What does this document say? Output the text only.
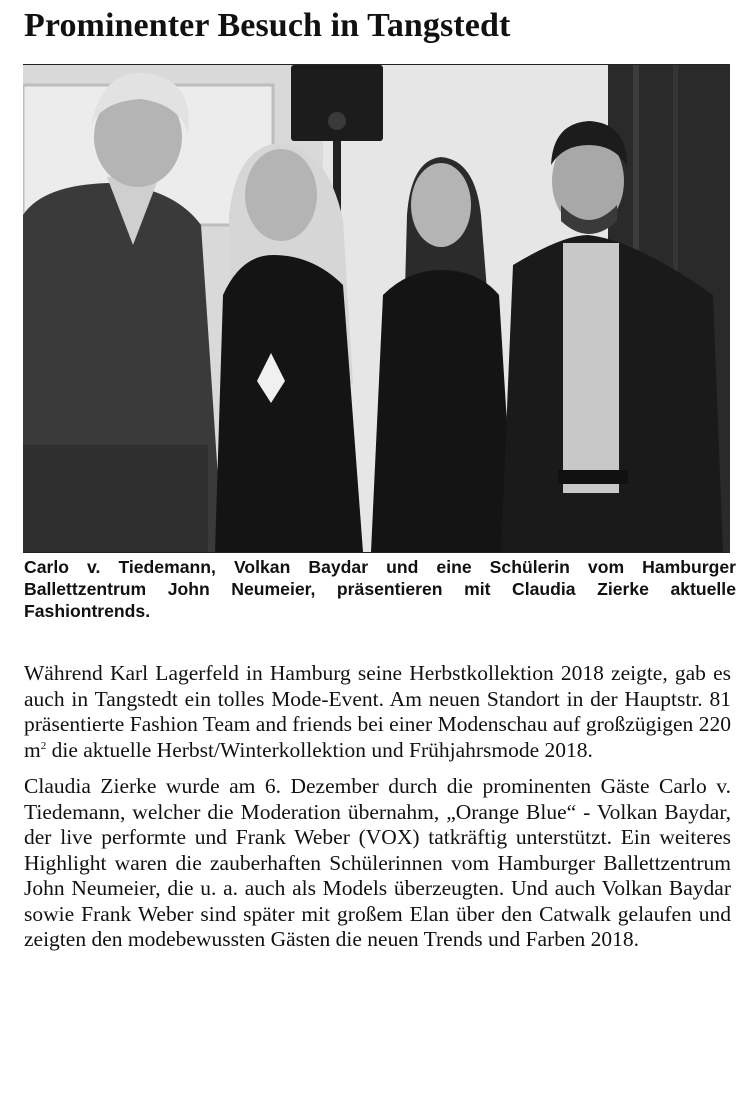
Prominenter Besuch in Tangstedt

Carlo v. Tiedemann, Volkan Baydar und eine Schülerin vom Hamburger Ballettzentrum John Neumeier, präsentieren mit Claudia Zierke aktuelle Fashiontrends.

Während Karl Lagerfeld in Hamburg seine Herbstkollektion 2018 zeigte, gab es auch in Tangstedt ein tolles Mode-Event. Am neuen Standort in der Hauptstr. 81 präsentierte Fashion Team and friends bei einer Modenschau auf großzügigen 220 $m^2$ die aktuelle Herbst/Winterkollektion und Frühjahrsmode 2018.

Claudia Zierke wurde am 6. Dezember durch die prominenten Gäste Carlo v. Tiedemann, welcher die Moderation übernahm, „Orange Blue“ - Volkan Baydar, der live performte und Frank Weber (VOX) tatkräftig unterstützt. Ein weiteres Highlight waren die zauberhaften Schülerinnen vom Hamburger Ballettzentrum John Neumeier, die u. a. auch als Models überzeugten. Und auch Volkan Baydar sowie Frank Weber sind später mit großem Elan über den Catwalk gelaufen und zeigten den modebewussten Gästen die neuen Trends und Farben 2018.
